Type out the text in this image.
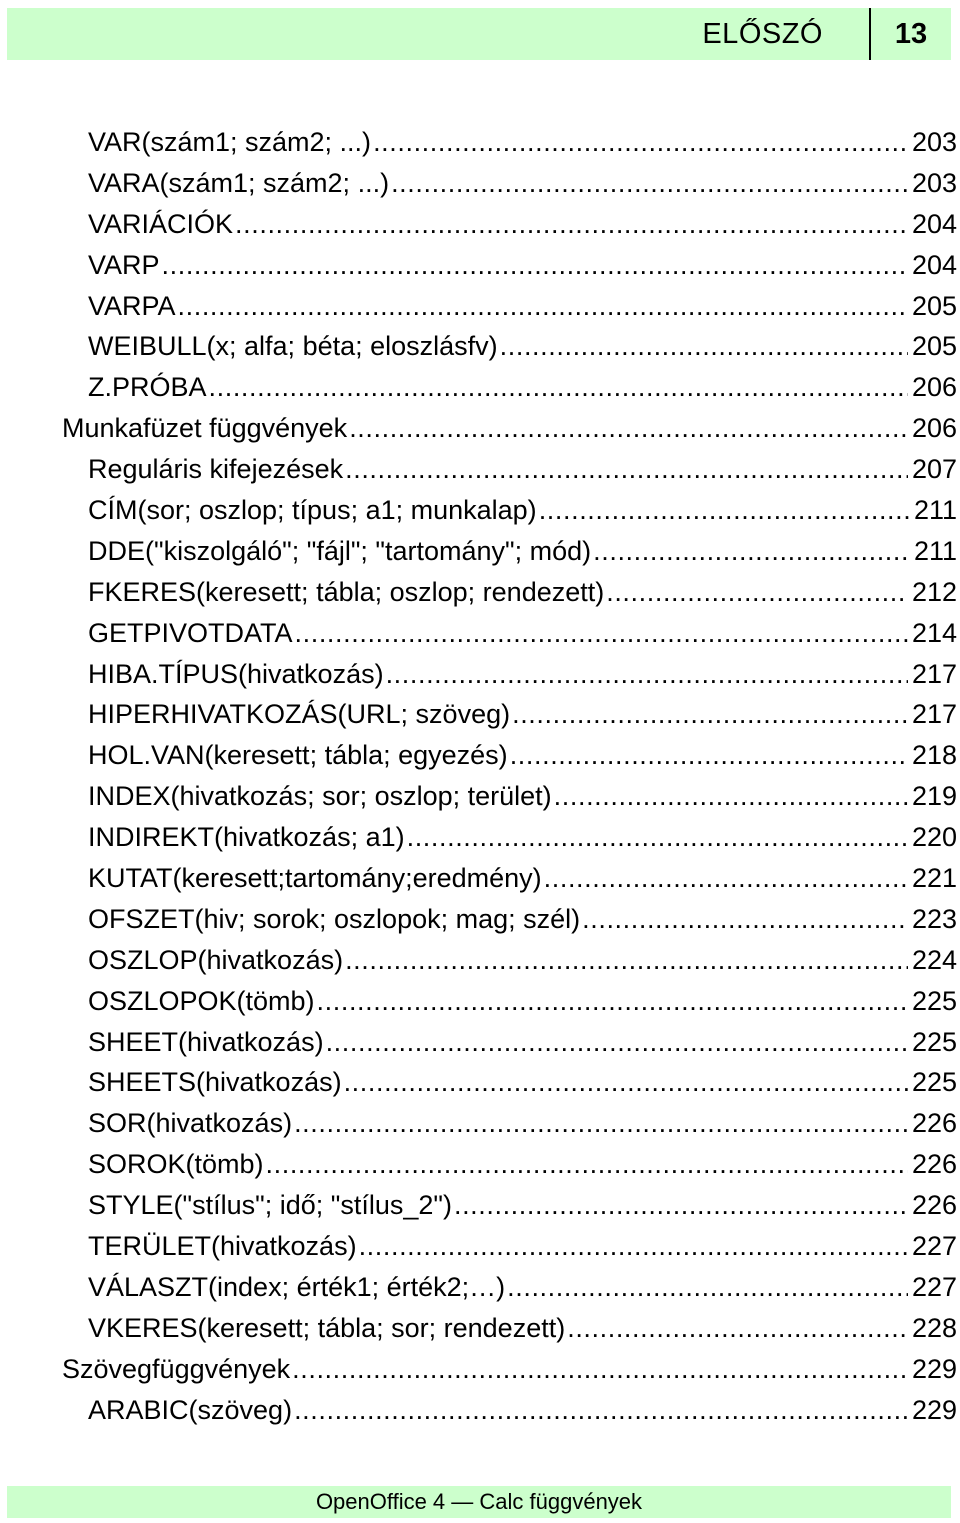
ELŐSZÓ	13
VAR(szám1; szám2; ...) .....	203
VARA(szám1; szám2; ...) .....	203
VARIÁCIÓK .....	204
VARP .....	204
VARPA .....	205
WEIBULL(x; alfa; béta; eloszlásfv) .....	205
Z.PRÓBA .....	206
Munkafüzet függvények .....	206
Reguláris kifejezések .....	207
CÍM(sor; oszlop; típus; a1; munkalap) .....	211
DDE("kiszolgáló"; "fájl"; "tartomány"; mód) .....	211
FKERES(keresett; tábla; oszlop; rendezett) .....	212
GETPIVOTDATA .....	214
HIBA.TÍPUS(hivatkozás) .....	217
HIPERHIVATKOZÁS(URL; szöveg) .....	217
HOL.VAN(keresett; tábla; egyezés) .....	218
INDEX(hivatkozás; sor; oszlop; terület) .....	219
INDIREKT(hivatkozás; a1) .....	220
KUTAT(keresett;tartomány;eredmény) .....	221
OFSZET(hiv; sorok; oszlopok; mag; szél) .....	223
OSZLOP(hivatkozás) .....	224
OSZLOPOK(tömb) .....	225
SHEET(hivatkozás) .....	225
SHEETS(hivatkozás) .....	225
SOR(hivatkozás) .....	226
SOROK(tömb) .....	226
STYLE("stílus"; idő; "stílus_2") .....	226
TERÜLET(hivatkozás) .....	227
VÁLASZT(index; érték1; érték2;…) .....	227
VKERES(keresett; tábla; sor; rendezett) .....	228
Szövegfüggvények .....	229
ARABIC(szöveg) .....	229
OpenOffice 4 ― Calc függvények
